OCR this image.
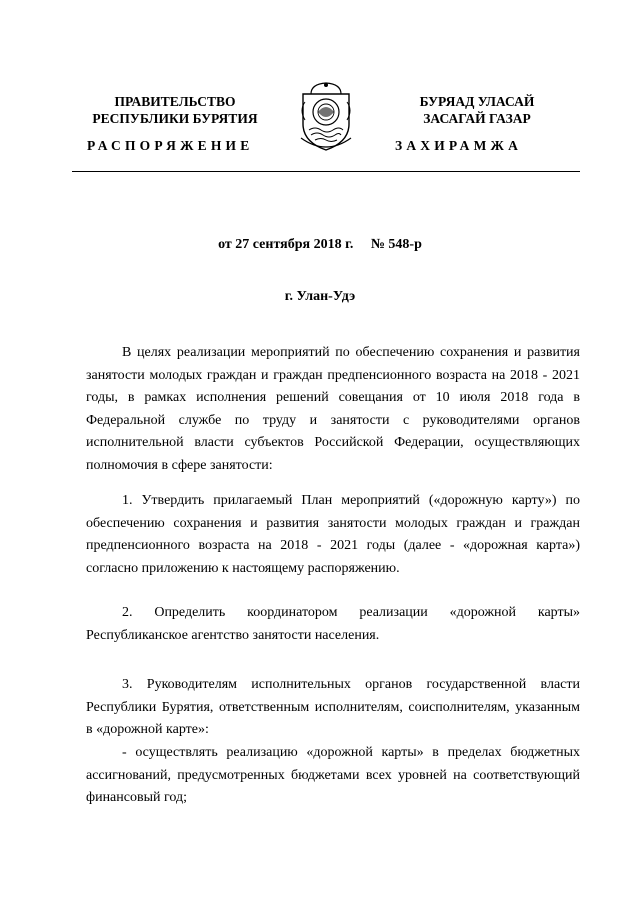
ПРАВИТЕЛЬСТВО
РЕСПУБЛИКИ БУРЯТИЯ
БУРЯАД УЛАСАЙ
ЗАСАГАЙ ГАЗАР
РАСПОРЯЖЕНИЕ	ЗАХИРАМЖА
от 27 сентября 2018 г. № 548-р
г. Улан-Удэ

В целях реализации мероприятий по обеспечению сохранения и развития занятости молодых граждан и граждан предпенсионного возраста на 2018 - 2021 годы, в рамках исполнения решений совещания от 10 июля 2018 года в Федеральной службе по труду и занятости с руководителями органов исполнительной власти субъектов Российской Федерации, осуществляющих полномочия в сфере занятости:

1. Утвердить прилагаемый План мероприятий («дорожную карту») по обеспечению сохранения и развития занятости молодых граждан и граждан предпенсионного возраста на 2018 - 2021 годы (далее - «дорожная карта») согласно приложению к настоящему распоряжению.

2. Определить координатором реализации «дорожной карты» Республиканское агентство занятости населения.

3. Руководителям исполнительных органов государственной власти Республики Бурятия, ответственным исполнителям, соисполнителям, указанным в «дорожной карте»:

- осуществлять реализацию «дорожной карты» в пределах бюджетных ассигнований, предусмотренных бюджетами всех уровней на соответствующий финансовый год;
